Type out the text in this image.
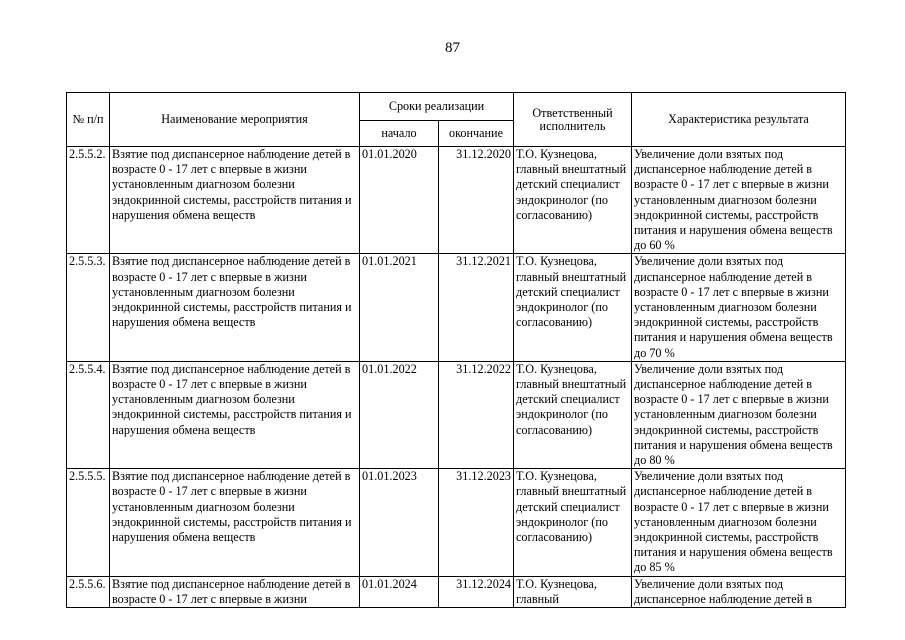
87
№ п/п	Наименование мероприятия	Сроки реализации		Ответственный исполнитель	Характеристика результата
		начало	окончание		
2.5.5.2.	Взятие под диспансерное наблюдение детей в возрасте 0 - 17 лет с впервые в жизни установленным диагнозом болезни эндокринной системы, расстройств питания и нарушения обмена веществ	01.01.2020	31.12.2020	Т.О. Кузнецова, главный внештатный детский специалист эндокринолог (по согласованию)	Увеличение доли взятых под диспансерное наблюдение детей в возрасте 0 - 17 лет с впервые в жизни установленным диагнозом болезни эндокринной системы, расстройств питания и нарушения обмена веществ до 60 %
2.5.5.3.	Взятие под диспансерное наблюдение детей в возрасте 0 - 17 лет с впервые в жизни установленным диагнозом болезни эндокринной системы, расстройств питания и нарушения обмена веществ	01.01.2021	31.12.2021	Т.О. Кузнецова, главный внештатный детский специалист эндокринолог (по согласованию)	Увеличение доли взятых под диспансерное наблюдение детей в возрасте 0 - 17 лет с впервые в жизни установленным диагнозом болезни эндокринной системы, расстройств питания и нарушения обмена веществ до 70 %
2.5.5.4.	Взятие под диспансерное наблюдение детей в возрасте 0 - 17 лет с впервые в жизни установленным диагнозом болезни эндокринной системы, расстройств питания и нарушения обмена веществ	01.01.2022	31.12.2022	Т.О. Кузнецова, главный внештатный детский специалист эндокринолог (по согласованию)	Увеличение доли взятых под диспансерное наблюдение детей в возрасте 0 - 17 лет с впервые в жизни установленным диагнозом болезни эндокринной системы, расстройств питания и нарушения обмена веществ до 80 %
2.5.5.5.	Взятие под диспансерное наблюдение детей в возрасте 0 - 17 лет с впервые в жизни установленным диагнозом болезни эндокринной системы, расстройств питания и нарушения обмена веществ	01.01.2023	31.12.2023	Т.О. Кузнецова, главный внештатный детский специалист эндокринолог (по согласованию)	Увеличение доли взятых под диспансерное наблюдение детей в возрасте 0 - 17 лет с впервые в жизни установленным диагнозом болезни эндокринной системы, расстройств питания и нарушения обмена веществ до 85 %
2.5.5.6.	Взятие под диспансерное наблюдение детей в возрасте 0 - 17 лет с впервые в жизни	01.01.2024	31.12.2024	Т.О. Кузнецова, главный	Увеличение доли взятых под диспансерное наблюдение детей в
